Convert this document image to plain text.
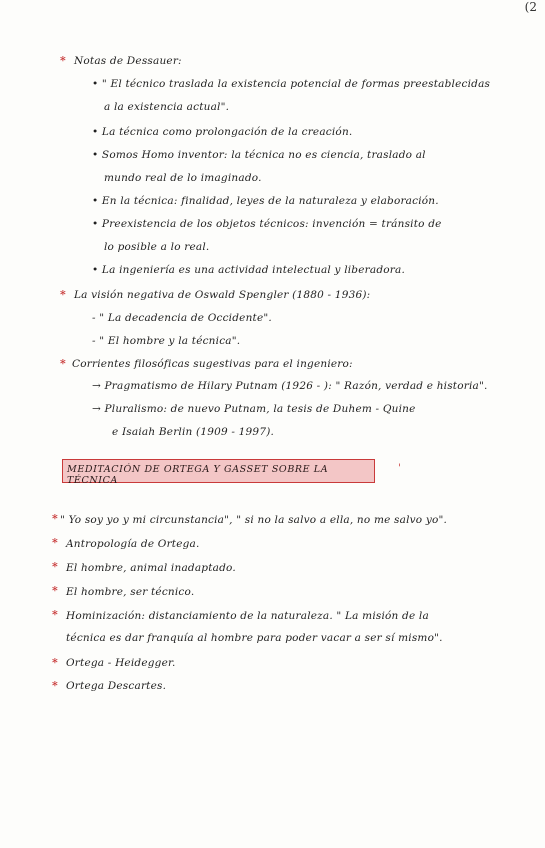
(2
* Notas de Dessauer:
• " El técnico traslada la existencia potencial de formas preestablecidas
a la existencia actual".
• La técnica como prolongación de la creación.
• Somos Homo inventor: la técnica no es ciencia, traslado al
mundo real de lo imaginado.
• En la técnica: finalidad, leyes de la naturaleza y elaboración.
• Preexistencia de los objetos técnicos: invención = tránsito de
lo posible a lo real.
• La ingeniería es una actividad intelectual y liberadora.
* La visión negativa de Oswald Spengler (1880 - 1936):
- " La decadencia de Occidente".
- " El hombre y la técnica".
* Corrientes filosóficas sugestivas para el ingeniero:
→ Pragmatismo de Hilary Putnam (1926 - ): " Razón, verdad e historia".
→ Pluralismo: de nuevo Putnam, la tesis de Duhem - Quine
e Isaiah Berlin (1909 - 1997).
MEDITACIÓN DE ORTEGA Y GASSET SOBRE LA TÉCNICA
'
* " Yo soy yo y mi circunstancia", " si no la salvo a ella, no me salvo yo".
* Antropología de Ortega.
* El hombre, animal inadaptado.
* El hombre, ser técnico.
* Hominización: distanciamiento de la naturaleza. " La misión de la
técnica es dar franquía al hombre para poder vacar a ser sí mismo".
* Ortega - Heidegger.
* Ortega Descartes.
